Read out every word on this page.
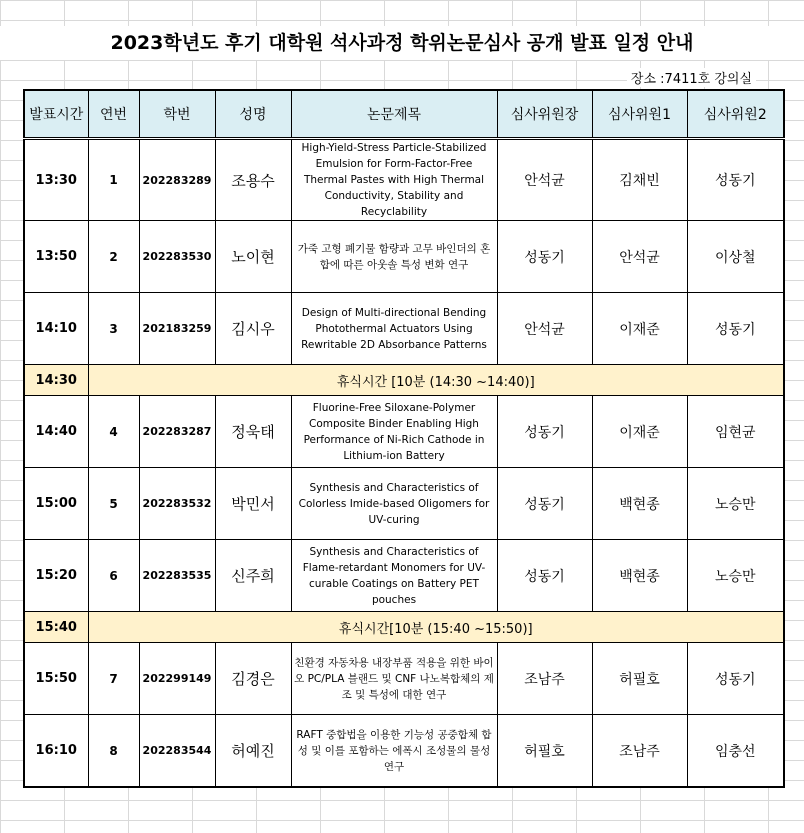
2023학년도 후기 대학원 석사과정 학위논문심사 공개 발표 일정 안내
장소 :7411호 강의실
발표시간	연번	학번	성명	논문제목	심사위원장	심사위원1	심사위원2
13:30	1	202283289	조용수	High-Yield-Stress Particle-Stabilized Emulsion for Form-Factor-Free Thermal Pastes with High Thermal Conductivity, Stability and Recyclability	안석균	김채빈	성동기
13:50	2	202283530	노이현	가죽 고형 폐기물 함량과 고무 바인더의 혼합에 따른 아웃솔 특성 변화 연구	성동기	안석균	이상철
14:10	3	202183259	김시우	Design of Multi-directional Bending Photothermal Actuators Using Rewritable 2D Absorbance Patterns	안석균	이재준	성동기
14:30	휴식시간 [10분 (14:30 ~14:40)]						
14:40	4	202283287	정욱태	Fluorine-Free Siloxane-Polymer Composite Binder Enabling High Performance of Ni-Rich Cathode in Lithium-ion Battery	성동기	이재준	임현균
15:00	5	202283532	박민서	Synthesis and Characteristics of Colorless Imide-based Oligomers for UV-curing	성동기	백현종	노승만
15:20	6	202283535	신주희	Synthesis and Characteristics of Flame-retardant Monomers for UV-curable Coatings on Battery PET pouches	성동기	백현종	노승만
15:40	휴식시간[10분 (15:40 ~15:50)]						
15:50	7	202299149	김경은	친환경 자동차용 내장부품 적용을 위한 바이오 PC/PLA 블랜드 및 CNF 나노복합체의 제조 및 특성에 대한 연구	조남주	허필호	성동기
16:10	8	202283544	허예진	RAFT 중합법을 이용한 기능성 공중합체 합성 및 이를 포함하는 에폭시 조성물의 물성 연구	허필호	조남주	임충선
